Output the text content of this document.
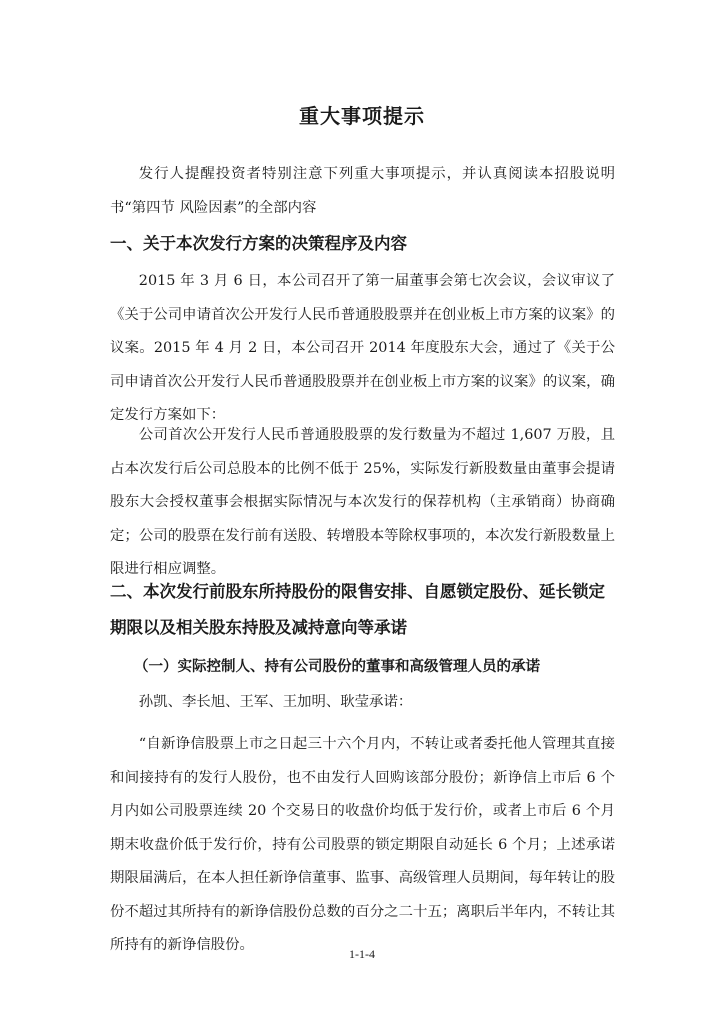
重大事项提示

发行人提醒投资者特别注意下列重大事项提示，并认真阅读本招股说明书“第四节 风险因素”的全部内容

一、关于本次发行方案的决策程序及内容

2015 年 3 月 6 日，本公司召开了第一届董事会第七次会议，会议审议了《关于公司申请首次公开发行人民币普通股股票并在创业板上市方案的议案》的议案。2015 年 4 月 2 日，本公司召开 2014 年度股东大会，通过了《关于公司申请首次公开发行人民币普通股股票并在创业板上市方案的议案》的议案，确定发行方案如下：

公司首次公开发行人民币普通股股票的发行数量为不超过 1,607 万股，且占本次发行后公司总股本的比例不低于 25%，实际发行新股数量由董事会提请股东大会授权董事会根据实际情况与本次发行的保荐机构（主承销商）协商确定；公司的股票在发行前有送股、转增股本等除权事项的，本次发行新股数量上限进行相应调整。

二、本次发行前股东所持股份的限售安排、自愿锁定股份、延长锁定期限以及相关股东持股及减持意向等承诺
（一）实际控制人、持有公司股份的董事和高级管理人员的承诺

孙凯、李长旭、王军、王加明、耿莹承诺：

“自新诤信股票上市之日起三十六个月内，不转让或者委托他人管理其直接和间接持有的发行人股份，也不由发行人回购该部分股份；新诤信上市后 6 个月内如公司股票连续 20 个交易日的收盘价均低于发行价，或者上市后 6 个月期末收盘价低于发行价，持有公司股票的锁定期限自动延长 6 个月；上述承诺期限届满后，在本人担任新诤信董事、监事、高级管理人员期间，每年转让的股份不超过其所持有的新诤信股份总数的百分之二十五；离职后半年内，不转让其所持有的新诤信股份。

1-1-4
